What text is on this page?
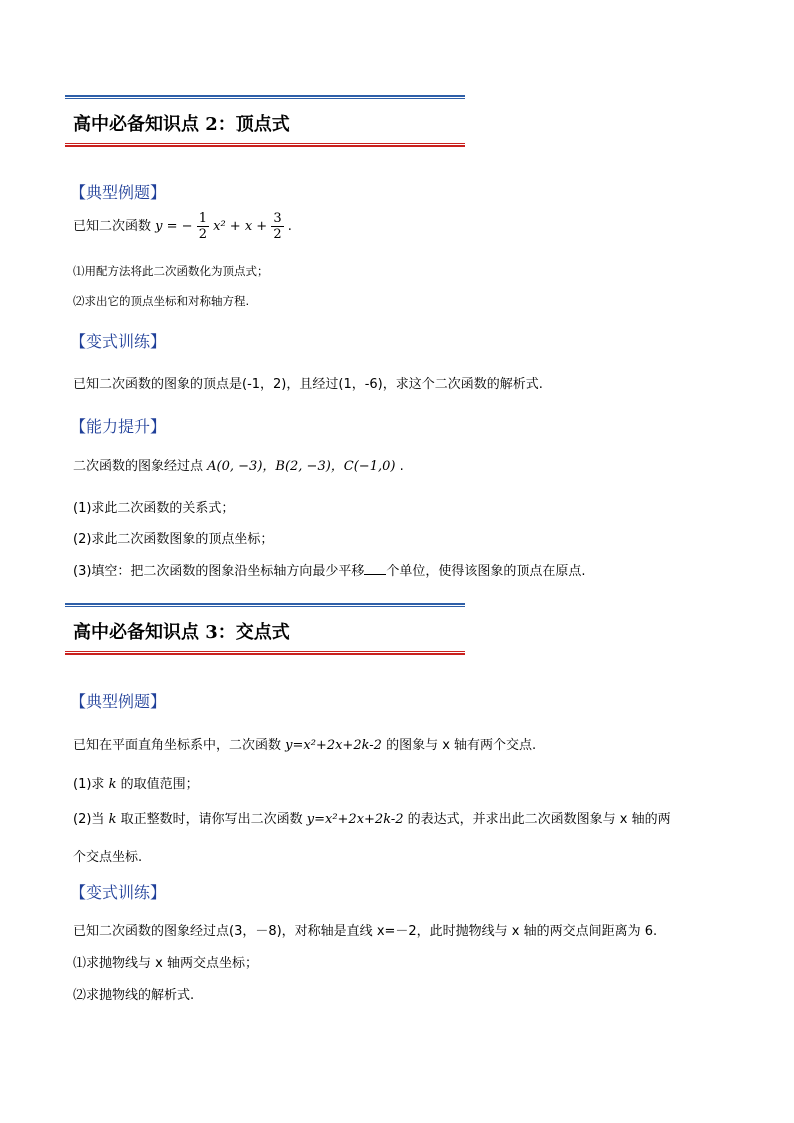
高中必备知识点 2：顶点式
【典型例题】
已知二次函数 y = − $\frac{1}{2} x^2 + x + \frac{3}{2}$ .
⑴用配方法将此二次函数化为顶点式；
⑵求出它的顶点坐标和对称轴方程.
【变式训练】
已知二次函数的图象的顶点是(-1，2)，且经过(1，-6)，求这个二次函数的解析式.
【能力提升】
二次函数的图象经过点 A(0, −3)，B(2, −3)，C(−1,0) .
(1)求此二次函数的关系式；
(2)求此二次函数图象的顶点坐标；
(3)填空：把二次函数的图象沿坐标轴方向最少平移 个单位，使得该图象的顶点在原点.
高中必备知识点 3：交点式
【典型例题】
已知在平面直角坐标系中，二次函数 y=x²+2x+2k-2 的图象与 x 轴有两个交点.
(1)求 k 的取值范围；
(2)当 k 取正整数时，请你写出二次函数 y=x²+2x+2k-2 的表达式，并求出此二次函数图象与 x 轴的两
个交点坐标.
【变式训练】
已知二次函数的图象经过点(3，－8)，对称轴是直线 x=－2，此时抛物线与 x 轴的两交点间距离为 6.
⑴求抛物线与 x 轴两交点坐标；
⑵求抛物线的解析式.
